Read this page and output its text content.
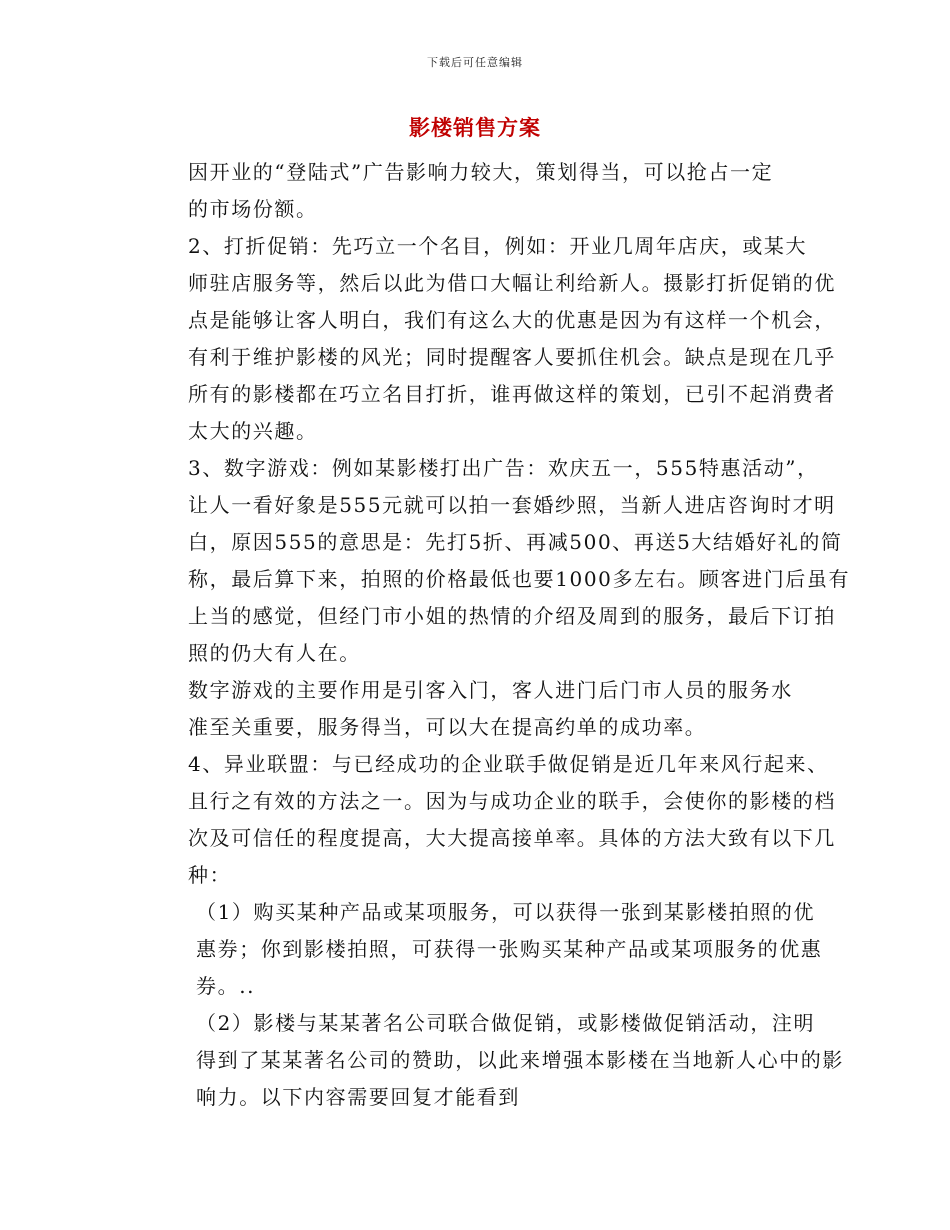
下载后可任意编辑
影楼销售方案

因开业的“登陆式”广告影响力较大，策划得当，可以抢占一定
的市场份额。

2、打折促销：先巧立一个名目，例如：开业几周年店庆，或某大
师驻店服务等，然后以此为借口大幅让利给新人。摄影打折促销的优
点是能够让客人明白，我们有这么大的优惠是因为有这样一个机会，
有利于维护影楼的风光；同时提醒客人要抓住机会。缺点是现在几乎
所有的影楼都在巧立名目打折，谁再做这样的策划，已引不起消费者
太大的兴趣。

3、数字游戏：例如某影楼打出广告：欢庆五一，555特惠活动”，
让人一看好象是555元就可以拍一套婚纱照，当新人进店咨询时才明
白，原因555的意思是：先打5折、再减500、再送5大结婚好礼的简
称，最后算下来，拍照的价格最低也要1000多左右。顾客进门后虽有
上当的感觉，但经门市小姐的热情的介绍及周到的服务，最后下订拍
照的仍大有人在。

数字游戏的主要作用是引客入门，客人进门后门市人员的服务水
准至关重要，服务得当，可以大在提高约单的成功率。

4、异业联盟：与已经成功的企业联手做促销是近几年来风行起来、
且行之有效的方法之一。因为与成功企业的联手，会使你的影楼的档
次及可信任的程度提高，大大提高接单率。具体的方法大致有以下几
种：

（1）购买某种产品或某项服务，可以获得一张到某影楼拍照的优
惠券；你到影楼拍照，可获得一张购买某种产品或某项服务的优惠
券。..

（2）影楼与某某著名公司联合做促销，或影楼做促销活动，注明
得到了某某著名公司的赞助，以此来增强本影楼在当地新人心中的影
响力。以下内容需要回复才能看到
